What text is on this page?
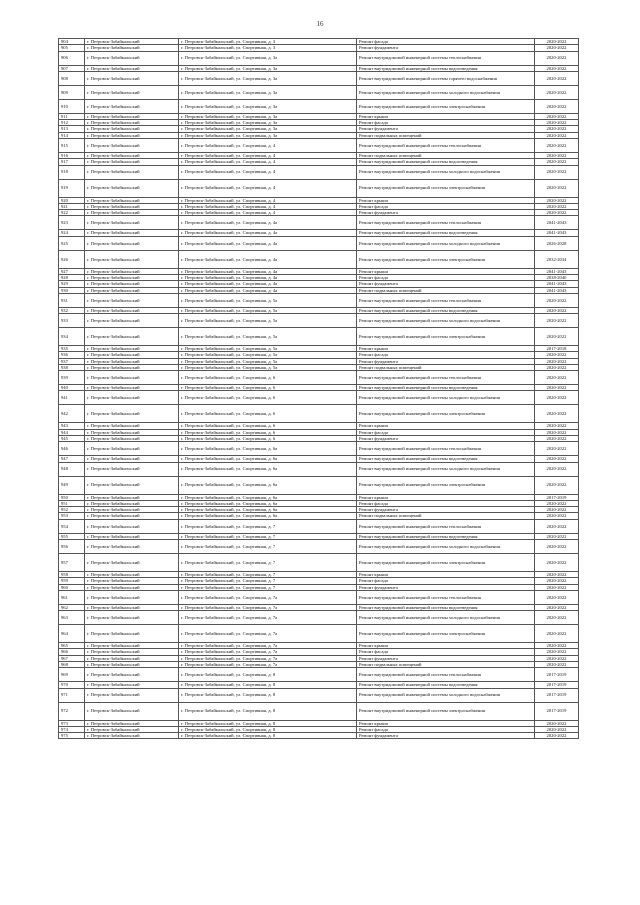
16
904	г. Петровск-Забайкальский	г. Петровск-Забайкальский, ул. Спортивная, д. 3	Ремонт фасада	2020-2022
905	г. Петровск-Забайкальский	г. Петровск-Забайкальский, ул. Спортивная, д. 3	Ремонт фундамента	2020-2022
906	г. Петровск-Забайкальский	г. Петровск-Забайкальский, ул. Спортивная, д. 3а	Ремонт внутридомовой инженерной системы теплоснабжения	2020-2022
907	г. Петровск-Забайкальский	г. Петровск-Забайкальский, ул. Спортивная, д. 3а	Ремонт внутридомовой инженерной системы водоотведения	2020-2022
908	г. Петровск-Забайкальский	г. Петровск-Забайкальский, ул. Спортивная, д. 3а	Ремонт внутридомовой инженерной системы горячего водоснабжения	2020-2022
909	г. Петровск-Забайкальский	г. Петровск-Забайкальский, ул. Спортивная, д. 3а	Ремонт внутридомовой инженерной системы холодного водоснабжения	2020-2022
910	г. Петровск-Забайкальский	г. Петровск-Забайкальский, ул. Спортивная, д. 3а	Ремонт внутридомовой инженерной системы электроснабжения	2020-2022
911	г. Петровск-Забайкальский	г. Петровск-Забайкальский, ул. Спортивная, д. 3а	Ремонт крыши	2020-2022
912	г. Петровск-Забайкальский	г. Петровск-Забайкальский, ул. Спортивная, д. 3а	Ремонт фасада	2020-2022
913	г. Петровск-Забайкальский	г. Петровск-Забайкальский, ул. Спортивная, д. 3а	Ремонт фундамента	2020-2022
914	г. Петровск-Забайкальский	г. Петровск-Забайкальский, ул. Спортивная, д. 3а	Ремонт подвальных помещений	2020-2022
915	г. Петровск-Забайкальский	г. Петровск-Забайкальский, ул. Спортивная, д. 4	Ремонт внутридомовой инженерной системы теплоснабжения	2020-2022
916	г. Петровск-Забайкальский	г. Петровск-Забайкальский, ул. Спортивная, д. 4	Ремонт подвальных помещений	2020-2022
917	г. Петровск-Забайкальский	г. Петровск-Забайкальский, ул. Спортивная, д. 4	Ремонт внутридомовой инженерной системы водоотведения	2020-2022
918	г. Петровск-Забайкальский	г. Петровск-Забайкальский, ул. Спортивная, д. 4	Ремонт внутридомовой инженерной системы холодного водоснабжения	2020-2022
919	г. Петровск-Забайкальский	г. Петровск-Забайкальский, ул. Спортивная, д. 4	Ремонт внутридомовой инженерной системы электроснабжения	2020-2022
920	г. Петровск-Забайкальский	г. Петровск-Забайкальский, ул. Спортивная, д. 4	Ремонт крыши	2020-2022
921	г. Петровск-Забайкальский	г. Петровск-Забайкальский, ул. Спортивная, д. 4	Ремонт фасада	2020-2022
922	г. Петровск-Забайкальский	г. Петровск-Забайкальский, ул. Спортивная, д. 4	Ремонт фундамента	2020-2022
923	г. Петровск-Забайкальский	г. Петровск-Забайкальский, ул. Спортивная, д. 4а	Ремонт внутридомовой инженерной системы теплоснабжения	2041-2043
924	г. Петровск-Забайкальский	г. Петровск-Забайкальский, ул. Спортивная, д. 4а	Ремонт внутридомовой инженерной системы водоотведения	2041-2043
925	г. Петровск-Забайкальский	г. Петровск-Забайкальский, ул. Спортивная, д. 4а	Ремонт внутридомовой инженерной системы холодного водоснабжения	2026-2028
926	г. Петровск-Забайкальский	г. Петровск-Забайкальский, ул. Спортивная, д. 4а	Ремонт внутридомовой инженерной системы электроснабжения	2032-2034
927	г. Петровск-Забайкальский	г. Петровск-Забайкальский, ул. Спортивная, д. 4а	Ремонт крыши	2041-2043
928	г. Петровск-Забайкальский	г. Петровск-Забайкальский, ул. Спортивная, д. 4а	Ремонт фасада	2038-2040
929	г. Петровск-Забайкальский	г. Петровск-Забайкальский, ул. Спортивная, д. 4а	Ремонт фундамента	2041-2043
930	г. Петровск-Забайкальский	г. Петровск-Забайкальский, ул. Спортивная, д. 4а	Ремонт подвальных помещений	2041-2043
931	г. Петровск-Забайкальский	г. Петровск-Забайкальский, ул. Спортивная, д. 5а	Ремонт внутридомовой инженерной системы теплоснабжения	2020-2022
932	г. Петровск-Забайкальский	г. Петровск-Забайкальский, ул. Спортивная, д. 5а	Ремонт внутридомовой инженерной системы водоотведения	2020-2022
933	г. Петровск-Забайкальский	г. Петровск-Забайкальский, ул. Спортивная, д. 5а	Ремонт внутридомовой инженерной системы холодного водоснабжения	2020-2022
934	г. Петровск-Забайкальский	г. Петровск-Забайкальский, ул. Спортивная, д. 5а	Ремонт внутридомовой инженерной системы электроснабжения	2020-2022
935	г. Петровск-Забайкальский	г. Петровск-Забайкальский, ул. Спортивная, д. 5а	Ремонт крыши	2017-2018
936	г. Петровск-Забайкальский	г. Петровск-Забайкальский, ул. Спортивная, д. 5а	Ремонт фасада	2020-2022
937	г. Петровск-Забайкальский	г. Петровск-Забайкальский, ул. Спортивная, д. 5а	Ремонт фундамента	2020-2022
938	г. Петровск-Забайкальский	г. Петровск-Забайкальский, ул. Спортивная, д. 5а	Ремонт подвальных помещений	2020-2022
939	г. Петровск-Забайкальский	г. Петровск-Забайкальский, ул. Спортивная, д. 6	Ремонт внутридомовой инженерной системы теплоснабжения	2020-2022
940	г. Петровск-Забайкальский	г. Петровск-Забайкальский, ул. Спортивная, д. 6	Ремонт внутридомовой инженерной системы водоотведения	2020-2022
941	г. Петровск-Забайкальский	г. Петровск-Забайкальский, ул. Спортивная, д. 6	Ремонт внутридомовой инженерной системы холодного водоснабжения	2020-2022
942	г. Петровск-Забайкальский	г. Петровск-Забайкальский, ул. Спортивная, д. 6	Ремонт внутридомовой инженерной системы электроснабжения	2020-2022
943	г. Петровск-Забайкальский	г. Петровск-Забайкальский, ул. Спортивная, д. 6	Ремонт крыши	2020-2022
944	г. Петровск-Забайкальский	г. Петровск-Забайкальский, ул. Спортивная, д. 6	Ремонт фасада	2020-2022
945	г. Петровск-Забайкальский	г. Петровск-Забайкальский, ул. Спортивная, д. 6	Ремонт фундамента	2020-2022
946	г. Петровск-Забайкальский	г. Петровск-Забайкальский, ул. Спортивная, д. 6а	Ремонт внутридомовой инженерной системы теплоснабжения	2020-2022
947	г. Петровск-Забайкальский	г. Петровск-Забайкальский, ул. Спортивная, д. 6а	Ремонт внутридомовой инженерной системы водоотведения	2020-2022
948	г. Петровск-Забайкальский	г. Петровск-Забайкальский, ул. Спортивная, д. 6а	Ремонт внутридомовой инженерной системы холодного водоснабжения	2020-2022
949	г. Петровск-Забайкальский	г. Петровск-Забайкальский, ул. Спортивная, д. 6а	Ремонт внутридомовой инженерной системы электроснабжения	2020-2022
950	г. Петровск-Забайкальский	г. Петровск-Забайкальский, ул. Спортивная, д. 6а	Ремонт крыши	2017-2019
951	г. Петровск-Забайкальский	г. Петровск-Забайкальский, ул. Спортивная, д. 6а	Ремонт фасада	2020-2022
952	г. Петровск-Забайкальский	г. Петровск-Забайкальский, ул. Спортивная, д. 6а	Ремонт фундамента	2020-2022
953	г. Петровск-Забайкальский	г. Петровск-Забайкальский, ул. Спортивная, д. 6а	Ремонт подвальных помещений	2020-2022
954	г. Петровск-Забайкальский	г. Петровск-Забайкальский, ул. Спортивная, д. 7	Ремонт внутридомовой инженерной системы теплоснабжения	2020-2022
955	г. Петровск-Забайкальский	г. Петровск-Забайкальский, ул. Спортивная, д. 7	Ремонт внутридомовой инженерной системы водоотведения	2020-2022
956	г. Петровск-Забайкальский	г. Петровск-Забайкальский, ул. Спортивная, д. 7	Ремонт внутридомовой инженерной системы холодного водоснабжения	2020-2022
957	г. Петровск-Забайкальский	г. Петровск-Забайкальский, ул. Спортивная, д. 7	Ремонт внутридомовой инженерной системы электроснабжения	2020-2022
958	г. Петровск-Забайкальский	г. Петровск-Забайкальский, ул. Спортивная, д. 7	Ремонт крыши	2020-2022
959	г. Петровск-Забайкальский	г. Петровск-Забайкальский, ул. Спортивная, д. 7	Ремонт фасада	2020-2022
960	г. Петровск-Забайкальский	г. Петровск-Забайкальский, ул. Спортивная, д. 7	Ремонт фундамента	2020-2022
961	г. Петровск-Забайкальский	г. Петровск-Забайкальский, ул. Спортивная, д. 7а	Ремонт внутридомовой инженерной системы теплоснабжения	2020-2022
962	г. Петровск-Забайкальский	г. Петровск-Забайкальский, ул. Спортивная, д. 7а	Ремонт внутридомовой инженерной системы водоотведения	2020-2022
963	г. Петровск-Забайкальский	г. Петровск-Забайкальский, ул. Спортивная, д. 7а	Ремонт внутридомовой инженерной системы холодного водоснабжения	2020-2022
964	г. Петровск-Забайкальский	г. Петровск-Забайкальский, ул. Спортивная, д. 7а	Ремонт внутридомовой инженерной системы электроснабжения	2020-2022
965	г. Петровск-Забайкальский	г. Петровск-Забайкальский, ул. Спортивная, д. 7а	Ремонт крыши	2020-2022
966	г. Петровск-Забайкальский	г. Петровск-Забайкальский, ул. Спортивная, д. 7а	Ремонт фасада	2020-2022
967	г. Петровск-Забайкальский	г. Петровск-Забайкальский, ул. Спортивная, д. 7а	Ремонт фундамента	2020-2022
968	г. Петровск-Забайкальский	г. Петровск-Забайкальский, ул. Спортивная, д. 7а	Ремонт подвальных помещений	2020-2022
969	г. Петровск-Забайкальский	г. Петровск-Забайкальский, ул. Спортивная, д. 8	Ремонт внутридомовой инженерной системы теплоснабжения	2017-2019
970	г. Петровск-Забайкальский	г. Петровск-Забайкальский, ул. Спортивная, д. 8	Ремонт внутридомовой инженерной системы водоотведения	2017-2019
971	г. Петровск-Забайкальский	г. Петровск-Забайкальский, ул. Спортивная, д. 8	Ремонт внутридомовой инженерной системы холодного водоснабжения	2017-2019
972	г. Петровск-Забайкальский	г. Петровск-Забайкальский, ул. Спортивная, д. 8	Ремонт внутридомовой инженерной системы электроснабжения	2017-2019
973	г. Петровск-Забайкальский	г. Петровск-Забайкальский, ул. Спортивная, д. 8	Ремонт крыши	2020-2022
974	г. Петровск-Забайкальский	г. Петровск-Забайкальский, ул. Спортивная, д. 8	Ремонт фасада	2020-2022
975	г. Петровск-Забайкальский	г. Петровск-Забайкальский, ул. Спортивная, д. 8	Ремонт фундамента	2020-2022
